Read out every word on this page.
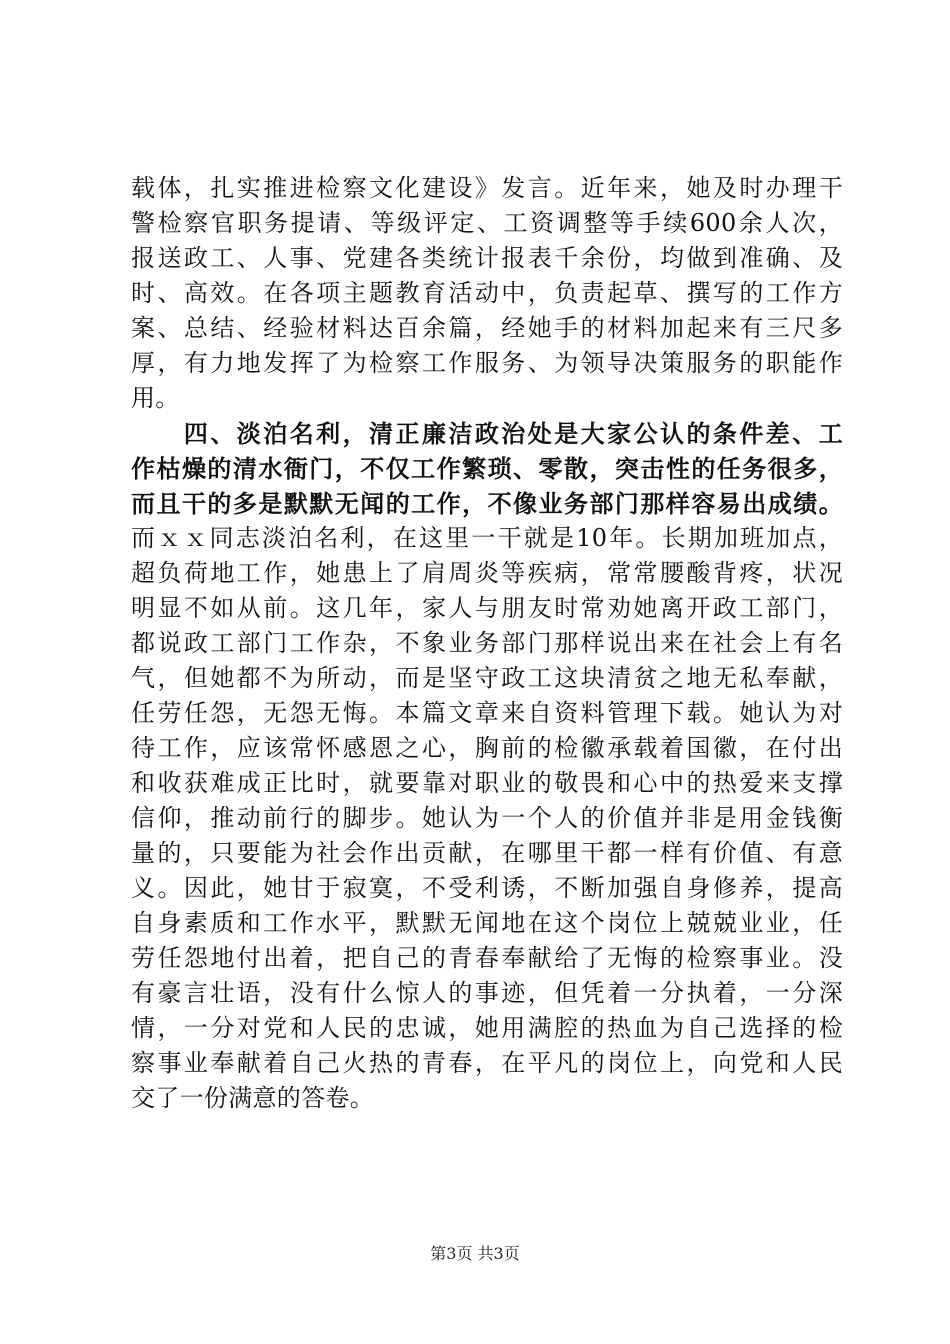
载体，扎实推进检察文化建设》发言。近年来，她及时办理干
警检察官职务提请、等级评定、工资调整等手续600余人次，
报送政工、人事、党建各类统计报表千余份，均做到准确、及
时、高效。在各项主题教育活动中，负责起草、撰写的工作方
案、总结、经验材料达百余篇，经她手的材料加起来有三尺多
厚，有力地发挥了为检察工作服务、为领导决策服务的职能作
用。
　　四、淡泊名利，清正廉洁政治处是大家公认的条件差、工
作枯燥的清水衙门，不仅工作繁琐、零散，突击性的任务很多，
而且干的多是默默无闻的工作，不像业务部门那样容易出成绩。
而ｘｘ同志淡泊名利，在这里一干就是10年。长期加班加点，
超负荷地工作，她患上了肩周炎等疾病，常常腰酸背疼，状况
明显不如从前。这几年，家人与朋友时常劝她离开政工部门，
都说政工部门工作杂，不象业务部门那样说出来在社会上有名
气，但她都不为所动，而是坚守政工这块清贫之地无私奉献，
任劳任怨，无怨无悔。本篇文章来自资料管理下载。她认为对
待工作，应该常怀感恩之心，胸前的检徽承载着国徽，在付出
和收获难成正比时，就要靠对职业的敬畏和心中的热爱来支撑
信仰，推动前行的脚步。她认为一个人的价值并非是用金钱衡
量的，只要能为社会作出贡献，在哪里干都一样有价值、有意
义。因此，她甘于寂寞，不受利诱，不断加强自身修养，提高
自身素质和工作水平，默默无闻地在这个岗位上兢兢业业，任
劳任怨地付出着，把自己的青春奉献给了无悔的检察事业。没
有豪言壮语，没有什么惊人的事迹，但凭着一分执着，一分深
情，一分对党和人民的忠诚，她用满腔的热血为自己选择的检
察事业奉献着自己火热的青春，在平凡的岗位上，向党和人民
交了一份满意的答卷。
第3页 共3页
